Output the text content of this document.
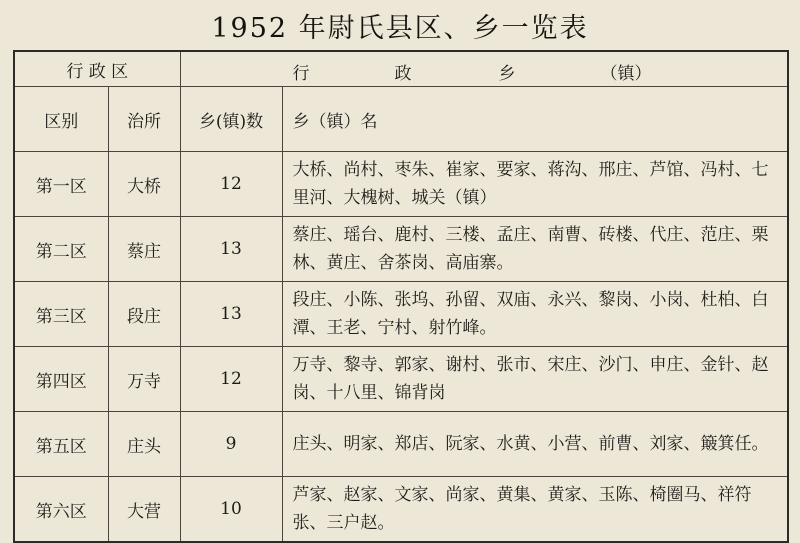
1952 年尉氏县区、乡一览表
行 政 区		行 政 乡 （镇）	

区别	治所	乡(镇)数	乡（镇）名
第一区	大桥	12	大桥、尚村、枣朱、崔家、要家、蒋沟、邢庄、芦馆、冯村、七里河、大槐树、城关（镇）
第二区	蔡庄	13	蔡庄、瑶台、鹿村、三楼、孟庄、南曹、砖楼、代庄、范庄、栗林、黄庄、舍茶岗、高庙寨。
第三区	段庄	13	段庄、小陈、张坞、孙留、双庙、永兴、黎岗、小岗、杜柏、白潭、王老、宁村、射竹峰。
第四区	万寺	12	万寺、黎寺、郭家、谢村、张市、宋庄、沙门、申庄、金针、赵岗、十八里、锦背岗
第五区	庄头	9	庄头、明家、郑店、阮家、水黄、小营、前曹、刘家、簸箕任。
第六区	大营	10	芦家、赵家、文家、尚家、黄集、黄家、玉陈、椅圈马、祥符张、三户赵。
